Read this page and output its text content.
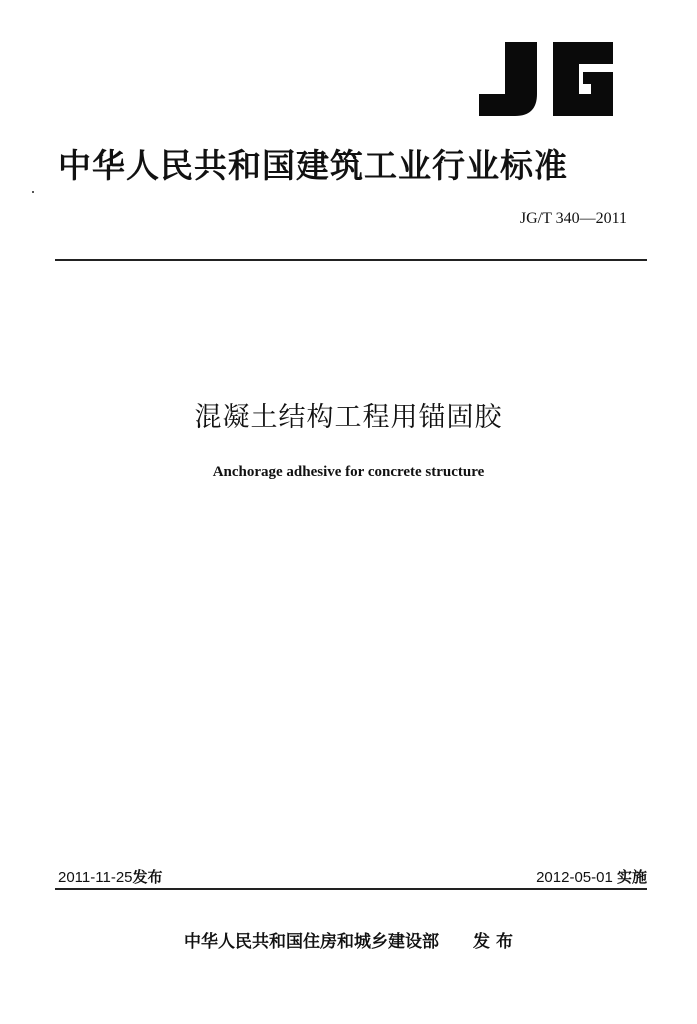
中华人民共和国建筑工业行业标准
JG/T 340—2011
混凝土结构工程用锚固胶
Anchorage adhesive for concrete structure
2011-11-25发布	2012-05-01 实施
中华人民共和国住房和城乡建设部 发 布
